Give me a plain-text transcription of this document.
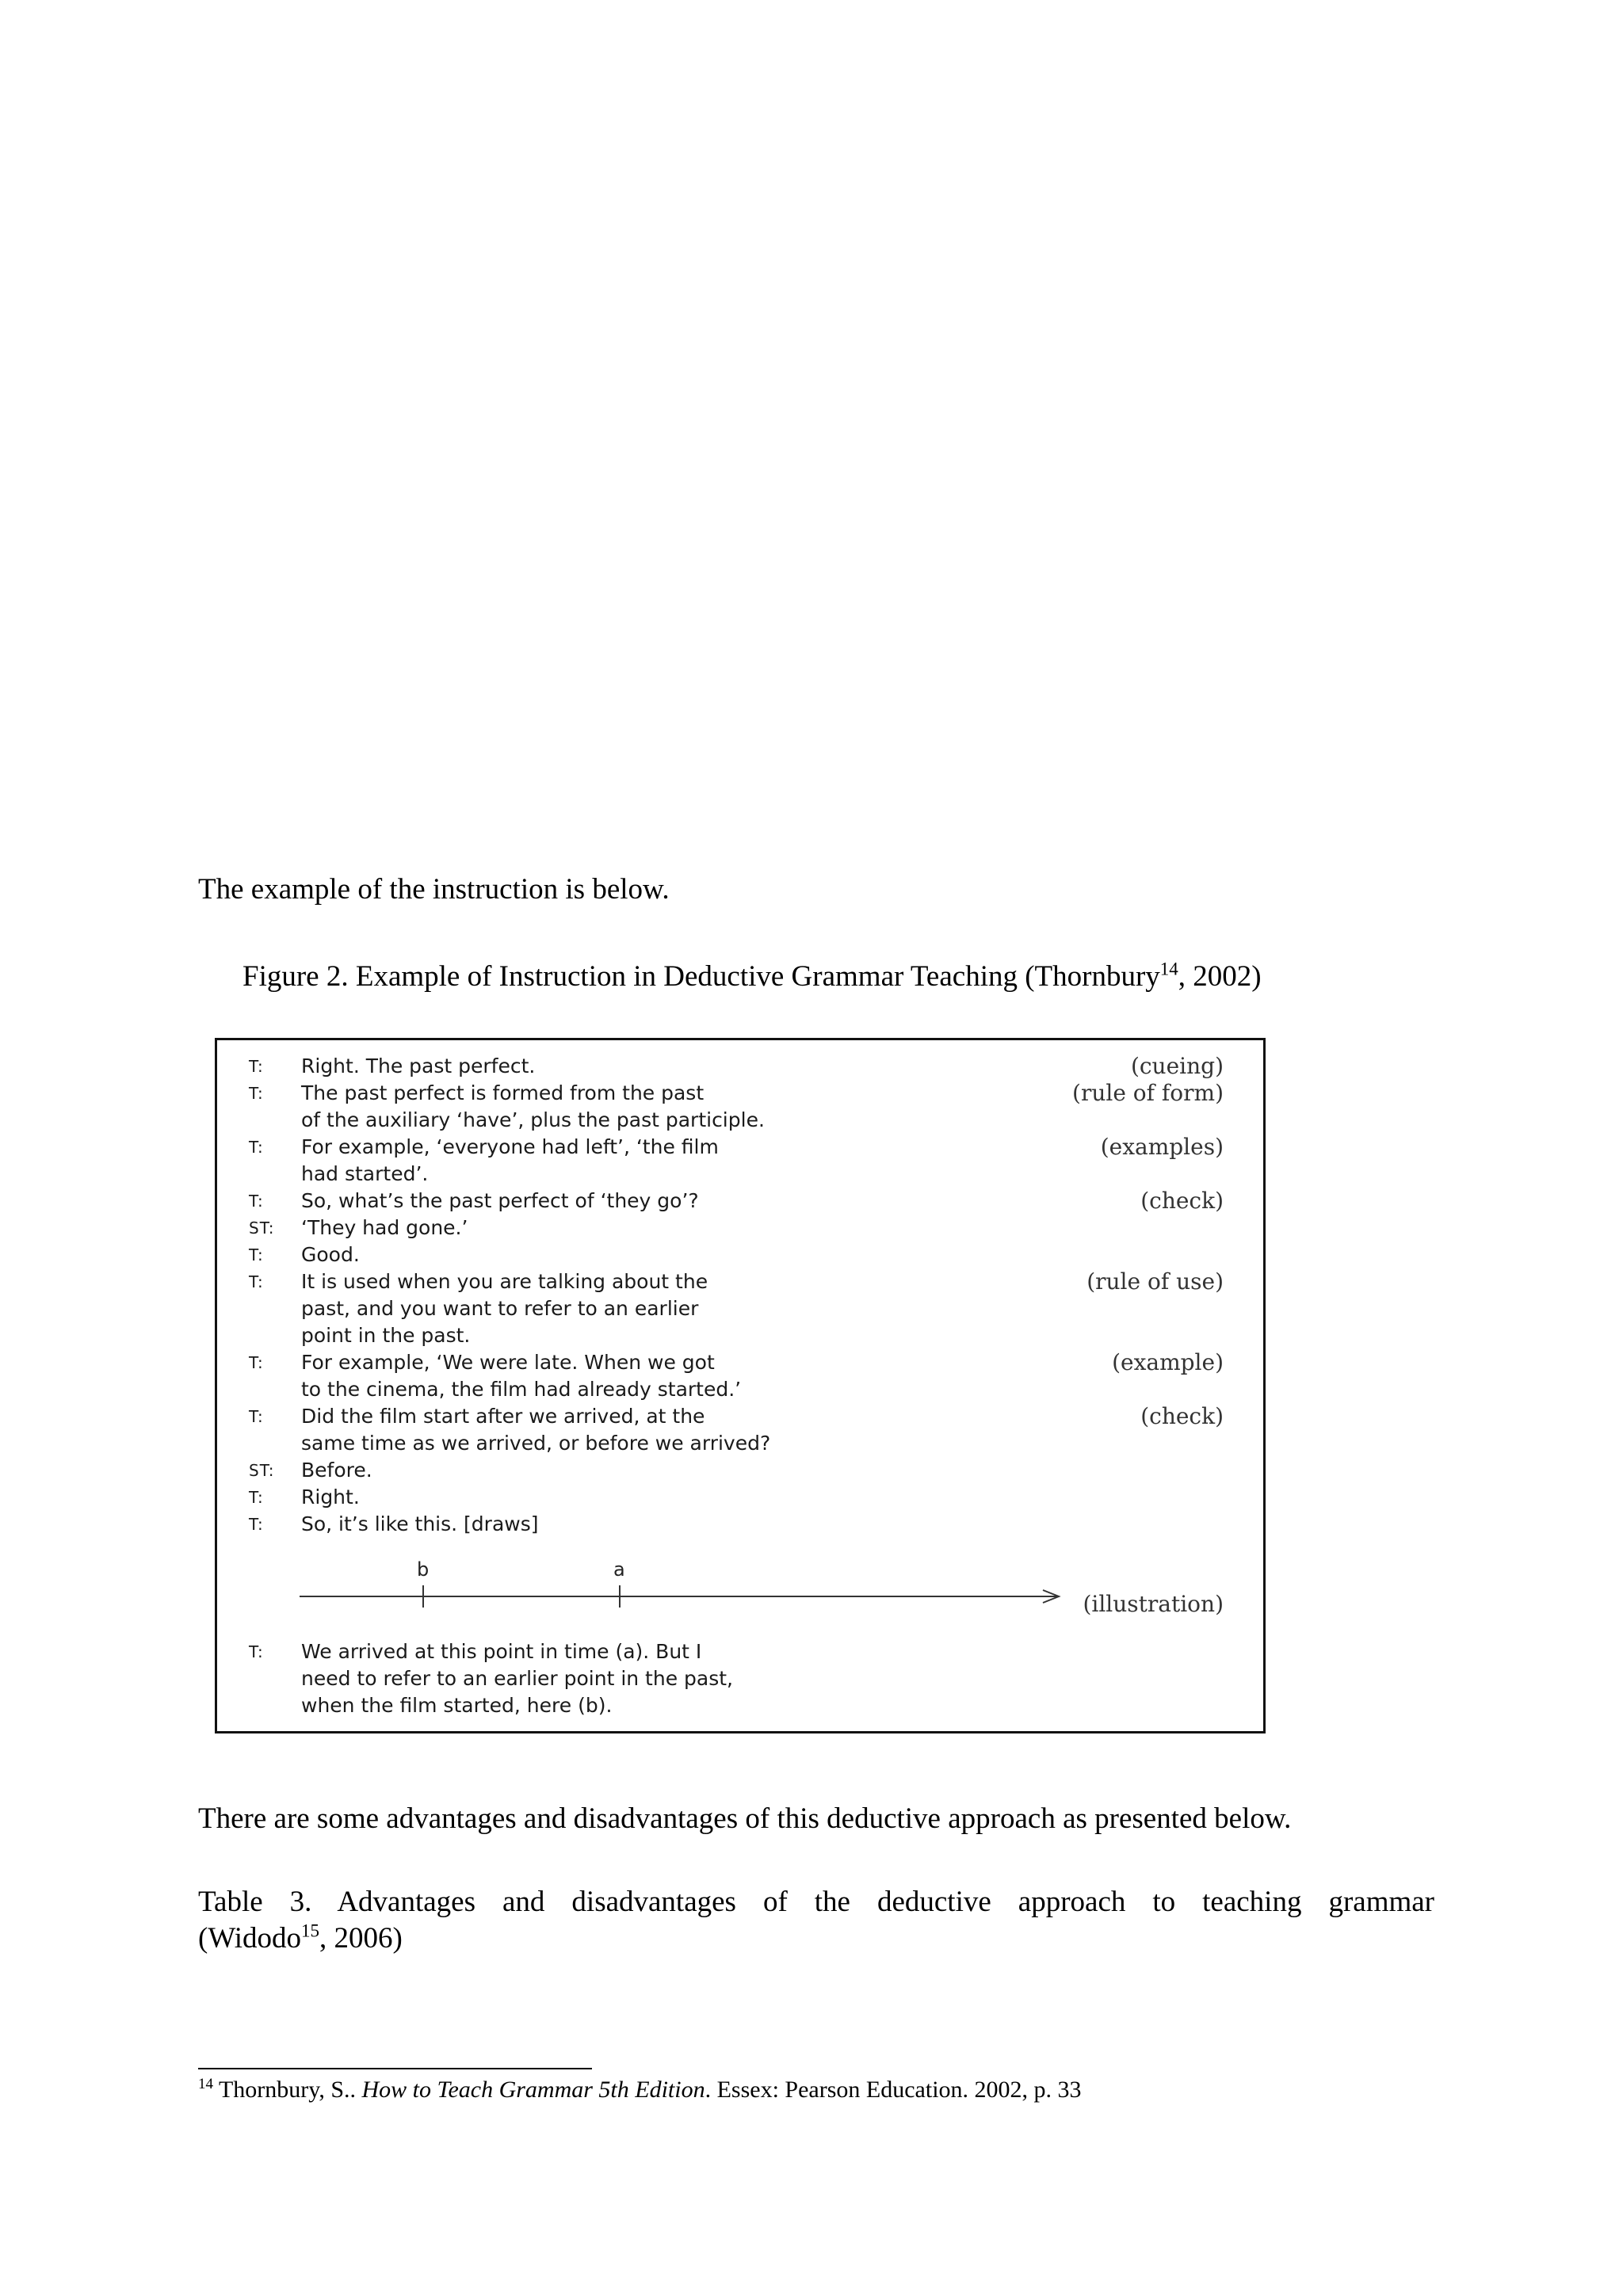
The example of the instruction is below.

Figure 2. Example of Instruction in Deductive Grammar Teaching (Thornbury$^{14}$, 2002)

T: Right. The past perfect.	(cueing)
T: The past perfect is formed from the past	(rule of form)
of the auxiliary ‘have’, plus the past participle.
T: For example, ‘everyone had left’, ‘the film	(examples)
had started’.
T: So, what’s the past perfect of ‘they go’?	(check)
ST: ‘They had gone.’
T: Good.
T: It is used when you are talking about the	(rule of use)
past, and you want to refer to an earlier
point in the past.
T: For example, ‘We were late. When we got	(example)
to the cinema, the film had already started.’
T: Did the film start after we arrived, at the	(check)
same time as we arrived, or before we arrived?
ST: Before.
T: Right.
T: So, it’s like this. [draws]
b	a
(illustration)
T: We arrived at this point in time (a). But I
need to refer to an earlier point in the past,
when the film started, here (b).

There are some advantages and disadvantages of this deductive approach as presented below.

Table 3. Advantages and disadvantages of the deductive approach to teaching grammar
(Widodo$^{15}$, 2006)

$^{14}$ Thornbury, S.. How to Teach Grammar 5th Edition. Essex: Pearson Education. 2002, p. 33
